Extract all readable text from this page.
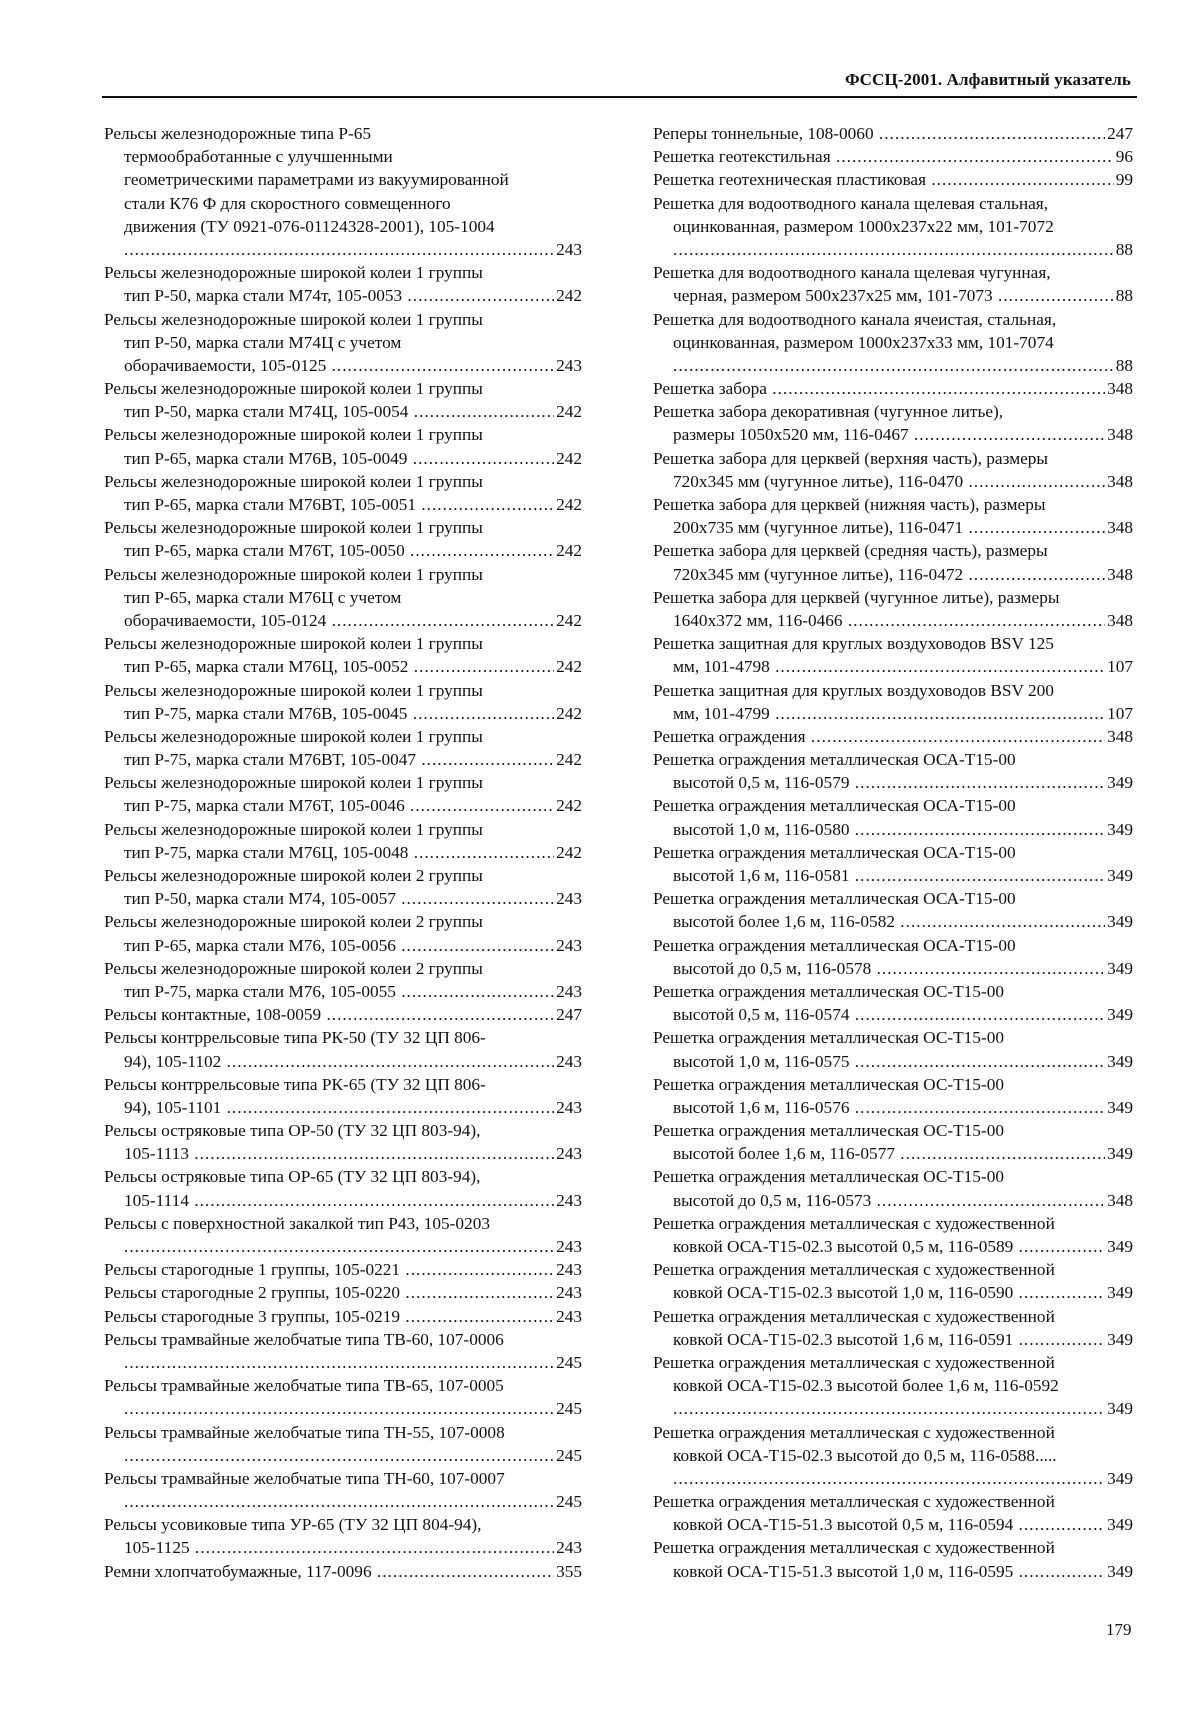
ФССЦ-2001. Алфавитный указатель
Рельсы железнодорожные типа Р-65
термообработанные с улучшенными
геометрическими параметрами из вакуумированной
стали К76 Ф для скоростного совмещенного
движения (ТУ 0921-076-01124328-2001), 105-1004
243
.....
Рельсы железнодорожные широкой колеи 1 группы
тип Р-50, марка стали М74т, 105-0053	242
.....
Рельсы железнодорожные широкой колеи 1 группы
тип Р-50, марка стали М74Ц с учетом
оборачиваемости, 105-0125	243
.....
Рельсы железнодорожные широкой колеи 1 группы
тип Р-50, марка стали М74Ц, 105-0054	242
.....
Рельсы железнодорожные широкой колеи 1 группы
тип Р-65, марка стали М76В, 105-0049	242
.....
Рельсы железнодорожные широкой колеи 1 группы
тип Р-65, марка стали М76ВТ, 105-0051	242
.....
Рельсы железнодорожные широкой колеи 1 группы
тип Р-65, марка стали М76Т, 105-0050	242
.....
Рельсы железнодорожные широкой колеи 1 группы
тип Р-65, марка стали М76Ц с учетом
оборачиваемости, 105-0124	242
.....
Рельсы железнодорожные широкой колеи 1 группы
тип Р-65, марка стали М76Ц, 105-0052	242
.....
Рельсы железнодорожные широкой колеи 1 группы
тип Р-75, марка стали М76В, 105-0045	242
.....
Рельсы железнодорожные широкой колеи 1 группы
тип Р-75, марка стали М76ВТ, 105-0047	242
.....
Рельсы железнодорожные широкой колеи 1 группы
тип Р-75, марка стали М76Т, 105-0046	242
.....
Рельсы железнодорожные широкой колеи 1 группы
тип Р-75, марка стали М76Ц, 105-0048	242
.....
Рельсы железнодорожные широкой колеи 2 группы
тип Р-50, марка стали М74, 105-0057	243
.....
Рельсы железнодорожные широкой колеи 2 группы
тип Р-65, марка стали М76, 105-0056	243
.....
Рельсы железнодорожные широкой колеи 2 группы
тип Р-75, марка стали М76, 105-0055	243
.....
Рельсы контактные, 108-0059	247
.....
Рельсы контррельсовые типа РК-50 (ТУ 32 ЦП 806-
94), 105-1102	243
.....
Рельсы контррельсовые типа РК-65 (ТУ 32 ЦП 806-
94), 105-1101	243
.....
Рельсы остряковые типа ОР-50 (ТУ 32 ЦП 803-94),
105-1113	243
.....
Рельсы остряковые типа ОР-65 (ТУ 32 ЦП 803-94),
105-1114	243
.....
Рельсы с поверхностной закалкой тип Р43, 105-0203
243
.....
Рельсы старогодные 1 группы, 105-0221	243
.....
Рельсы старогодные 2 группы, 105-0220	243
.....
Рельсы старогодные 3 группы, 105-0219	243
.....
Рельсы трамвайные желобчатые типа ТВ-60, 107-0006
245
.....
Рельсы трамвайные желобчатые типа ТВ-65, 107-0005
245
.....
Рельсы трамвайные желобчатые типа ТН-55, 107-0008
245
.....
Рельсы трамвайные желобчатые типа ТН-60, 107-0007
245
.....
Рельсы усовиковые типа УР-65 (ТУ 32 ЦП 804-94),
105-1125	243
.....
Ремни хлопчатобумажные, 117-0096	355
.....
Реперы тоннельные, 108-0060	247
.....
Решетка геотекстильная	96
.....
Решетка геотехническая пластиковая	99
.....
Решетка для водоотводного канала щелевая стальная,
оцинкованная, размером 1000х237х22 мм, 101-7072
88
.....
Решетка для водоотводного канала щелевая чугунная,
черная, размером 500х237х25 мм, 101-7073	88
.....
Решетка для водоотводного канала ячеистая, стальная,
оцинкованная, размером 1000х237х33 мм, 101-7074
88
.....
Решетка забора	348
.....
Решетка забора декоративная (чугунное литье),
размеры 1050х520 мм, 116-0467	348
.....
Решетка забора для церквей (верхняя часть), размеры
720х345 мм (чугунное литье), 116-0470	348
.....
Решетка забора для церквей (нижняя часть), размеры
200х735 мм (чугунное литье), 116-0471	348
.....
Решетка забора для церквей (средняя часть), размеры
720х345 мм (чугунное литье), 116-0472	348
.....
Решетка забора для церквей (чугунное литье), размеры
1640х372 мм, 116-0466	348
.....
Решетка защитная для круглых воздуховодов BSV 125
мм, 101-4798	107
.....
Решетка защитная для круглых воздуховодов BSV 200
мм, 101-4799	107
.....
Решетка ограждения	348
.....
Решетка ограждения металлическая ОСА-Т15-00
высотой 0,5 м, 116-0579	349
.....
Решетка ограждения металлическая ОСА-Т15-00
высотой 1,0 м, 116-0580	349
.....
Решетка ограждения металлическая ОСА-Т15-00
высотой 1,6 м, 116-0581	349
.....
Решетка ограждения металлическая ОСА-Т15-00
высотой более 1,6 м, 116-0582	349
.....
Решетка ограждения металлическая ОСА-Т15-00
высотой до 0,5 м, 116-0578	349
.....
Решетка ограждения металлическая ОС-Т15-00
высотой 0,5 м, 116-0574	349
.....
Решетка ограждения металлическая ОС-Т15-00
высотой 1,0 м, 116-0575	349
.....
Решетка ограждения металлическая ОС-Т15-00
высотой 1,6 м, 116-0576	349
.....
Решетка ограждения металлическая ОС-Т15-00
высотой более 1,6 м, 116-0577	349
.....
Решетка ограждения металлическая ОС-Т15-00
высотой до 0,5 м, 116-0573	348
.....
Решетка ограждения металлическая с художественной
ковкой ОСА-Т15-02.3 высотой 0,5 м, 116-0589	349
.....
Решетка ограждения металлическая с художественной
ковкой ОСА-Т15-02.3 высотой 1,0 м, 116-0590	349
.....
Решетка ограждения металлическая с художественной
ковкой ОСА-Т15-02.3 высотой 1,6 м, 116-0591	349
.....
Решетка ограждения металлическая с художественной
ковкой ОСА-Т15-02.3 высотой более 1,6 м, 116-0592
349
.....
Решетка ограждения металлическая с художественной
ковкой ОСА-Т15-02.3 высотой до 0,5 м, 116-0588.....
349
.....
Решетка ограждения металлическая с художественной
ковкой ОСА-Т15-51.3 высотой 0,5 м, 116-0594	349
.....
Решетка ограждения металлическая с художественной
ковкой ОСА-Т15-51.3 высотой 1,0 м, 116-0595	349
.....
179
